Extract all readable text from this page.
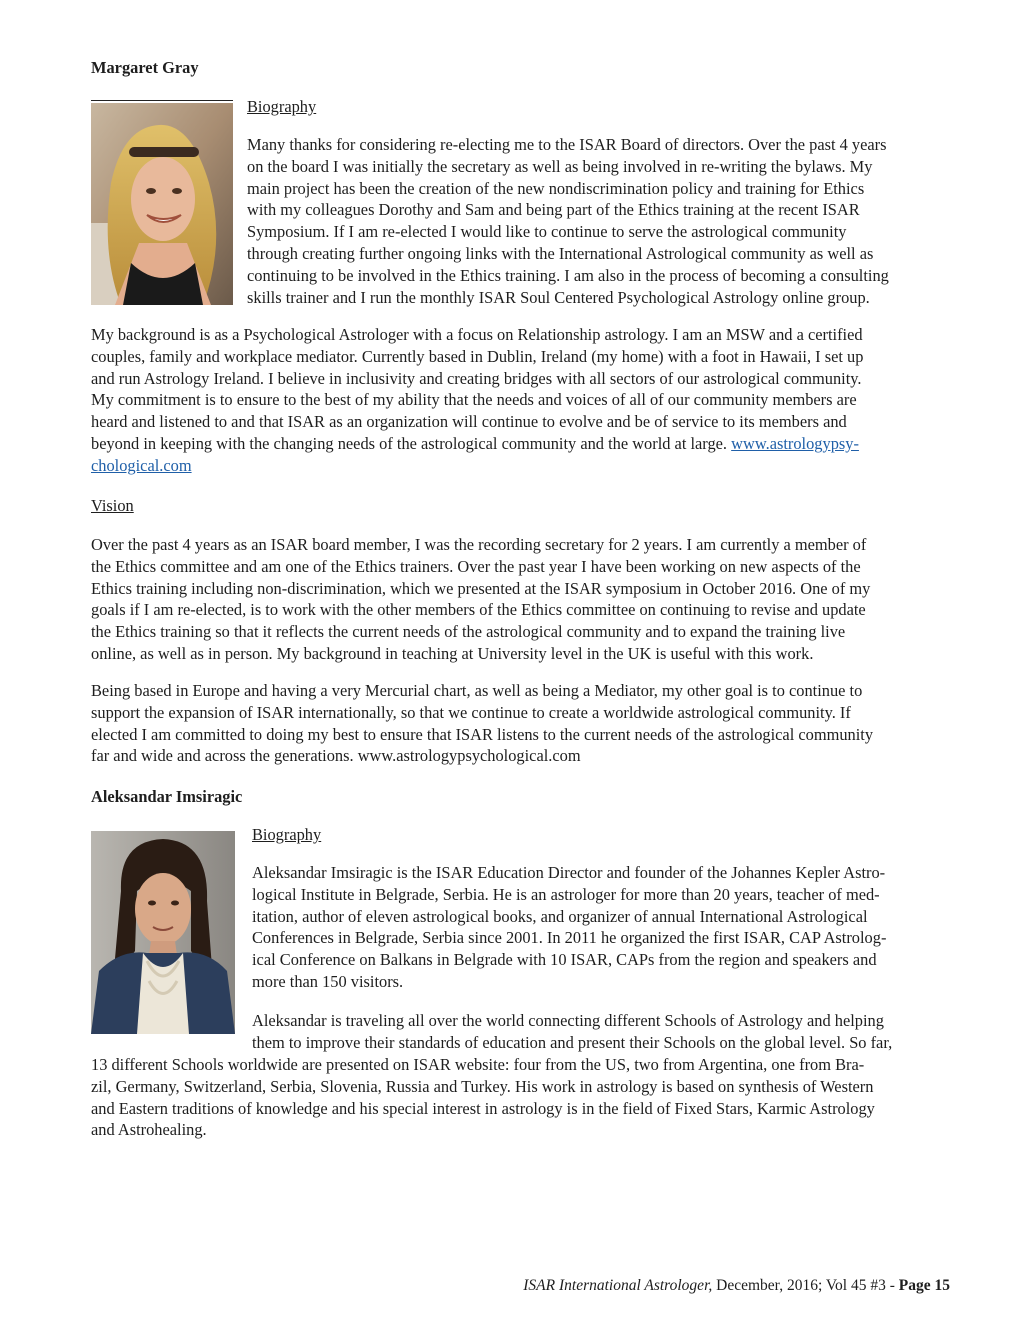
Margaret Gray
Biography
Many thanks for considering re-electing me to the ISAR Board of directors. Over the past 4 years
on the board I was initially the secretary as well as being involved in re-writing the bylaws. My
main project has been the creation of the new nondiscrimination policy and training for Ethics
with my colleagues Dorothy and Sam and being part of the Ethics training at the recent ISAR
Symposium. If I am re-elected I would like to continue to serve the astrological community
through creating further ongoing links with the International Astrological community as well as
continuing to be involved in the Ethics training. I am also in the process of becoming a consulting
skills trainer and I run the monthly ISAR Soul Centered Psychological Astrology online group.
My background is as a Psychological Astrologer with a focus on Relationship astrology. I am an MSW and a certified
couples, family and workplace mediator. Currently based in Dublin, Ireland (my home) with a foot in Hawaii, I set up
and run Astrology Ireland. I believe in inclusivity and creating bridges with all sectors of our astrological community.
My commitment is to ensure to the best of my ability that the needs and voices of all of our community members are
heard and listened to and that ISAR as an organization will continue to evolve and be of service to its members and
beyond in keeping with the changing needs of the astrological community and the world at large. www.astrologypsy-
chological.com
Vision
Over the past 4 years as an ISAR board member, I was the recording secretary for 2 years. I am currently a member of
the Ethics committee and am one of the Ethics trainers. Over the past year I have been working on new aspects of the
Ethics training including non-discrimination, which we presented at the ISAR symposium in October 2016. One of my
goals if I am re-elected, is to work with the other members of the Ethics committee on continuing to revise and update
the Ethics training so that it reflects the current needs of the astrological community and to expand the training live
online, as well as in person. My background in teaching at University level in the UK is useful with this work.
Being based in Europe and having a very Mercurial chart, as well as being a Mediator, my other goal is to continue to
support the expansion of ISAR internationally, so that we continue to create a worldwide astrological community. If
elected I am committed to doing my best to ensure that ISAR listens to the current needs of the astrological community
far and wide and across the generations. www.astrologypsychological.com
Aleksandar Imsiragic
Biography
Aleksandar Imsiragic is the ISAR Education Director and founder of the Johannes Kepler Astro-
logical Institute in Belgrade, Serbia. He is an astrologer for more than 20 years, teacher of med-
itation, author of eleven astrological books, and organizer of annual International Astrological
Conferences in Belgrade, Serbia since 2001. In 2011 he organized the first ISAR, CAP Astrolog-
ical Conference on Balkans in Belgrade with 10 ISAR, CAPs from the region and speakers and
more than 150 visitors.
Aleksandar is traveling all over the world connecting different Schools of Astrology and helping
them to improve their standards of education and present their Schools on the global level. So far,
13 different Schools worldwide are presented on ISAR website: four from the US, two from Argentina, one from Bra-
zil, Germany, Switzerland, Serbia, Slovenia, Russia and Turkey. His work in astrology is based on synthesis of Western
and Eastern traditions of knowledge and his special interest in astrology is in the field of Fixed Stars, Karmic Astrology
and Astrohealing.
ISAR International Astrologer, December, 2016; Vol 45 #3 - Page 15
